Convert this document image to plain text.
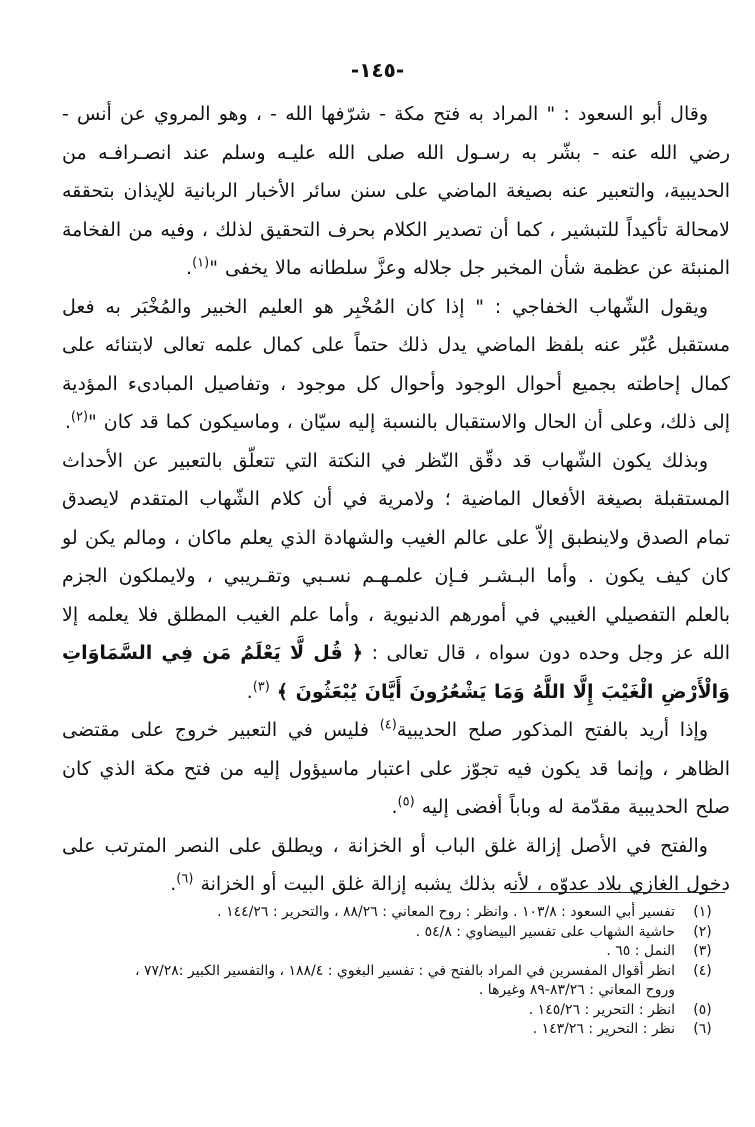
-١٤٥-

وقال أبو السعود : " المراد به فتح مكة - شرّفها الله - ، وهو المروي عن أنس - رضي الله عنه - بشّر به رسـول الله صلى الله عليـه وسلم عند انصـرافـه من الحديبية، والتعبير عنه بصيغة الماضي على سنن سائر الأخبار الربانية للإيذان بتحققه لامحالة تأكيداً للتبشير ، كما أن تصدير الكلام بحرف التحقيق لذلك ، وفيه من الفخامة المنبئة عن عظمة شأن المخبر جل جلاله وعزَّ سلطانه مالا يخفى "$^{(١)}$.

ويقول الشّهاب الخفاجي : " إذا كان المُخْبِر هو العليم الخبير والمُخْبَر به فعل مستقبل عُبّر عنه بلفظ الماضي يدل ذلك حتماً على كمال علمه تعالى لابتنائه على كمال إحاطته بجميع أحوال الوجود وأحوال كل موجود ، وتفاصيل المبادىء المؤدية إلى ذلك، وعلى أن الحال والاستقبال بالنسبة إليه سيّان ، وماسيكون كما قد كان "$^{(٢)}$.

وبذلك يكون الشّهاب قد دقّق النّظر في النكتة التي تتعلّق بالتعبير عن الأحداث المستقبلة بصيغة الأفعال الماضية ؛ ولامرية في أن كلام الشّهاب المتقدم لايصدق تمام الصدق ولاينطبق إلاّ على عالم الغيب والشهادة الذي يعلم ماكان ، ومالم يكن لو كان كيف يكون . وأما البـشـر فـإن علمـهـم نسـبي وتقـريبي ، ولايملكون الجزم بالعلم التفصيلي الغيبي في أمورهم الدنيوية ، وأما علم الغيب المطلق فلا يعلمه إلا الله عز وجل وحده دون سواه ، قال تعالى : ﴿ قُل لَّا يَعْلَمُ مَن فِي السَّمَاوَاتِ وَالْأَرْضِ الْغَيْبَ إِلَّا اللَّهُ وَمَا يَشْعُرُونَ أَيَّانَ يُبْعَثُونَ ﴾ $^{(٣)}$.

وإذا أريد بالفتح المذكور صلح الحديبية$^{(٤)}$ فليس في التعبير خروج على مقتضى الظاهر ، وإنما قد يكون فيه تجوّز على اعتبار ماسيؤول إليه من فتح مكة الذي كان صلح الحديبية مقدّمة له وباباً أفضى إليه $^{(٥)}$.

والفتح في الأصل إزالة غلق الباب أو الخزانة ، ويطلق على النصر المترتب على دخول الغازي بلاد عدوّه ، لأنه بذلك يشبه إزالة غلق البيت أو الخزانة $^{(٦)}$.

(١)
تفسير أبي السعود : ١٠٣/٨ . وانظر : روح المعاني : ٨٨/٢٦ ، والتحرير : ١٤٤/٢٦ .
(٢)
حاشية الشهاب على تفسير البيضاوي : ٥٤/٨ .
(٣)
النمل : ٦٥ .
(٤)
انظر أقوال المفسرين في المراد بالفتح في : تفسير البغوي : ١٨٨/٤ ، والتفسير الكبير :٧٧/٢٨ ،
وروح المعاني : ٨٣/٢٦-٨٩ وغيرها .
(٥)
انظر : التحرير : ١٤٥/٢٦ .
(٦)
نظر : التحرير : ١٤٣/٢٦ .
